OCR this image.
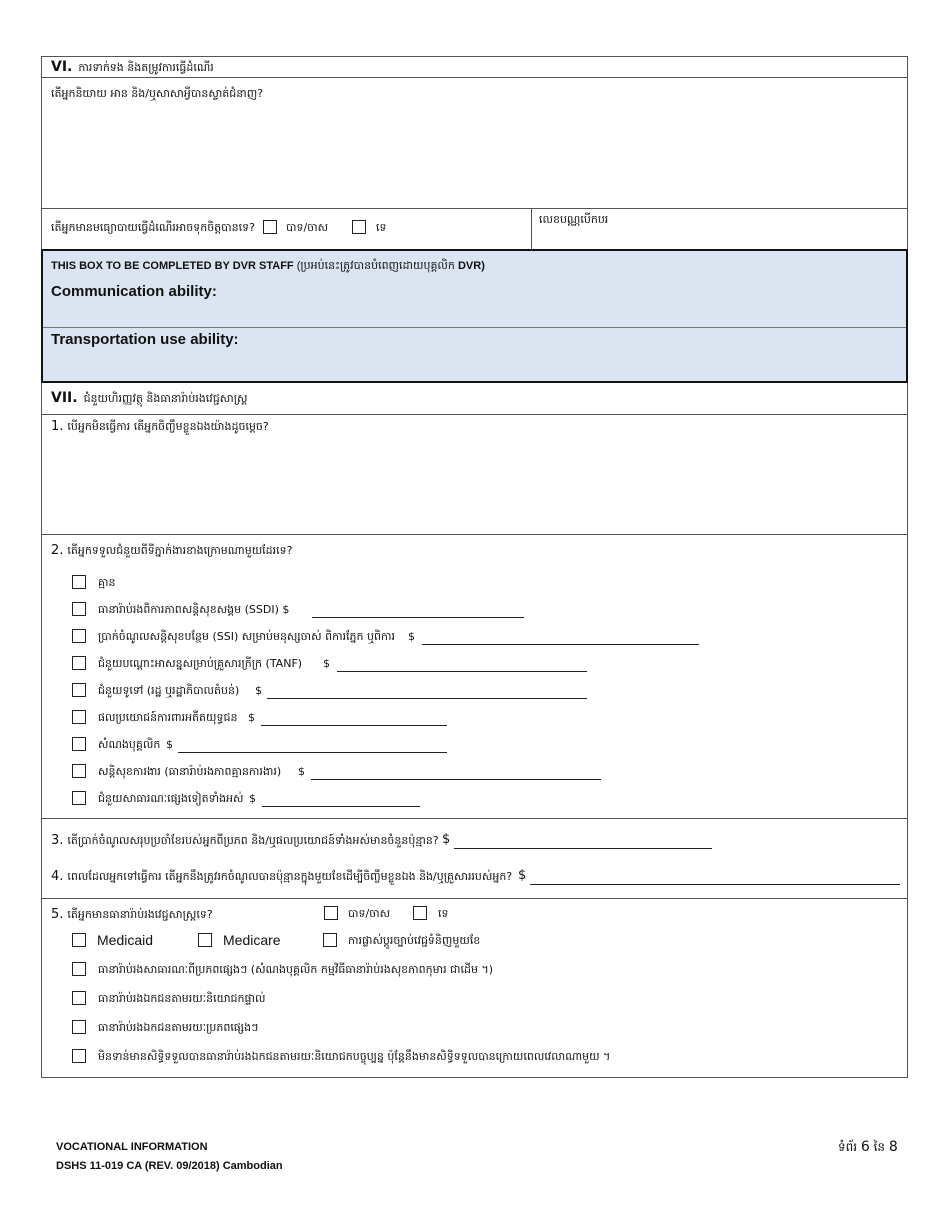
VI. ការទាក់ទង និងតម្រូវការធ្វើដំណើរ
តើអ្នកនិយាយ អាន និង/ឬសាសាអ្វីបានស្ទាត់ជំនាញ?
តើអ្នកមានមធ្យោបាយធ្វើដំណើរអាចទុកចិត្តបានទេ?	បាទ/ចាស	ទេ
លេខបណ្ណបើកបរ
THIS BOX TO BE COMPLETED BY DVR STAFF (ប្រអប់នេះត្រូវបានបំពេញដោយបុគ្គលិក DVR)
Communication ability:
Transportation use ability:
VII. ជំនួយហិរញ្ញវត្ថុ និងធានារ៉ាប់រងវេជ្ជសាស្ត្រ
1. បើអ្នកមិនធ្វើការ តើអ្នកចិញ្ចឹមខ្លួនឯងយ៉ាងដូចម្ដេច?
2. តើអ្នកទទួលជំនួយពីទីភ្នាក់ងារខាងក្រោមណាមួយដែរទេ?
គ្មាន
ធានារ៉ាប់រងពិការភាពសន្តិសុខសង្គម (SSDI) $
ប្រាក់ចំណូលសន្តិសុខបន្ថែម (SSI) សម្រាប់មនុស្សចាស់ ពិការភ្នែក ឬពិការ $
ជំនួយបណ្ដោះអាសន្នសម្រាប់គ្រួសារក្រីក្រ (TANF) $
ជំនួយទូទៅ (រដ្ឋ ឬរដ្ឋាភិបាលតំបន់) $
ផលប្រយោជន៍ការពារអតីតយុទ្ធជន $
សំណងបុគ្គលិក $
សន្តិសុខការងារ (ធានារ៉ាប់រងភាពគ្មានការងារ) $
ជំនួយសាធារណៈផ្សេងទៀតទាំងអស់ $
3. តើប្រាក់ចំណូលសរុបប្រចាំខែរបស់អ្នកពីប្រភព និង/ឬផលប្រយោជន៍ទាំងអស់មានចំនួនប៉ុន្មាន? $
4. ពេលដែលអ្នកទៅធ្វើការ តើអ្នកនឹងត្រូវរកចំណូលបានប៉ុន្មានក្នុងមួយខែដើម្បីចិញ្ចឹមខ្លួនឯង និង/ឬគ្រួសាររបស់អ្នក? $
5. តើអ្នកមានធានារ៉ាប់រងវេជ្ជសាស្ត្រទេ?	បាទ/ចាស	ទេ
Medicaid	Medicare	ការផ្លាស់ប្ដូរច្បាប់វេជ្ជទំនិញមួយខែ
ធានារ៉ាប់រងសាធារណៈពីប្រភពផ្សេងៗ (សំណងបុគ្គលិក កម្មវិធីធានារ៉ាប់រងសុខភាពកុមារ ជាដើម ។)
ធានារ៉ាប់រងឯកជនតាមរយៈនិយោជកផ្ទាល់
ធានារ៉ាប់រងឯកជនតាមរយៈប្រភពផ្សេងៗ
មិនទាន់មានសិទ្ធិទទួលបានធានារ៉ាប់រងឯកជនតាមរយៈនិយោជកបច្ចុប្បន្ន ប៉ុន្តែនឹងមានសិទ្ធិទទួលបានក្រោយពេលវេលាណាមួយ ។
VOCATIONAL INFORMATION
DSHS 11-019 CA (REV. 09/2018) Cambodian
ទំព័រ 6 នៃ 8
